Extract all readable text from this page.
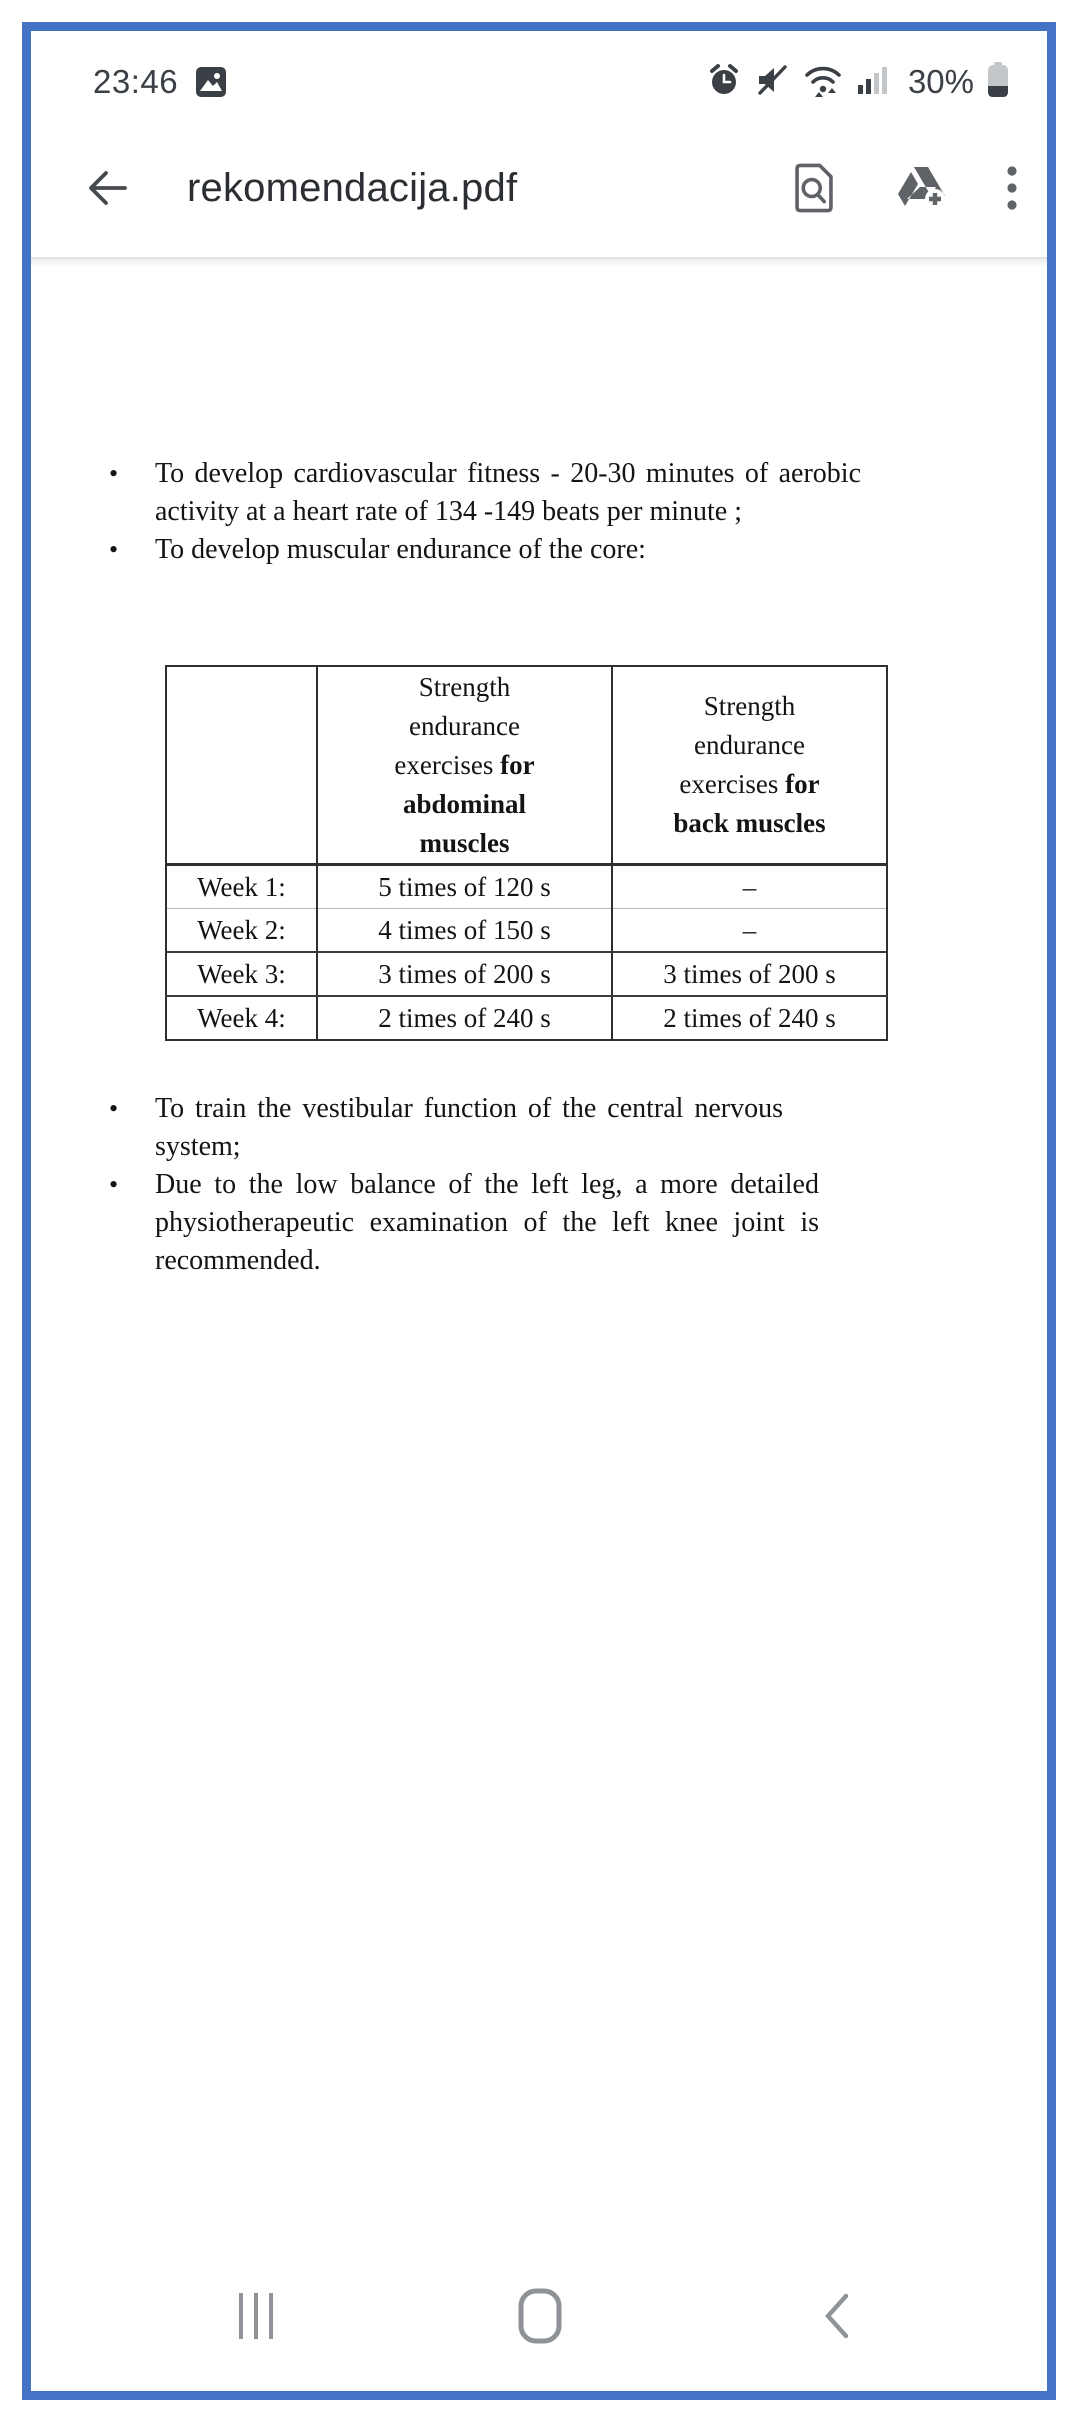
23:46	30%
rekomendacija.pdf
• To develop cardiovascular fitness - 20-30 minutes of aerobic activity at a heart rate of 134 -149 beats per minute ;
• To develop muscular endurance of the core:
	Strength endurance exercises for abdominal muscles	Strength endurance exercises for back muscles
Week 1:	5 times of 120 s	–
Week 2:	4 times of 150 s	–
Week 3:	3 times of 200 s	3 times of 200 s
Week 4:	2 times of 240 s	2 times of 240 s
• To train the vestibular function of the central nervous system;
• Due to the low balance of the left leg, a more detailed physiotherapeutic examination of the left knee joint is recommended.
